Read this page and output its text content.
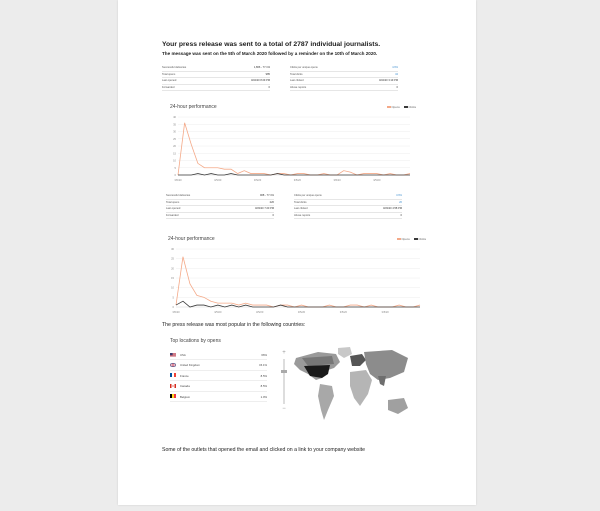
Your press release was sent to a total of 2787 individual journalists.
The message was sent on the 5th of March 2020 followed by a reminder on the 10th of March 2020.
Successful deliveries	1,866 - 77.1%
Total opens	985
Last opened	4/04/20 8:29 PM
Forwarded	0
Clicks per unique opens	4.6%
Total clicks	34
Last clicked	4/04/20 3:19 PM
Abuse reports	0
24-hour performance	Opens	Clicks
0
5
10
15
20
25
30
35
40
3/5/20	3/5/20	3/5/20	3/5/20	3/5/20	3/5/20
Successful deliveries	908 - 77.1%
Total opens	226
Last opened	4/03/20 7:20 PM
Forwarded	0
Clicks per unique opens	3.6%
Total clicks	26
Last clicked	4/03/20 4:58 PM
Abuse reports	0
24-hour performance	Opens	Clicks
0
5
10
15
20
25
30
3/5/20	3/5/20	3/5/20	3/5/20	3/5/20	3/5/20
The press release was most popular in the following countries:
Top locations by opens
USA	66%
United Kingdom	15.1%
France	8.5%
Canada	8.5%
Belgium	1.0%
+
−
Some of the outlets that opened the email and clicked on a link to your company website
